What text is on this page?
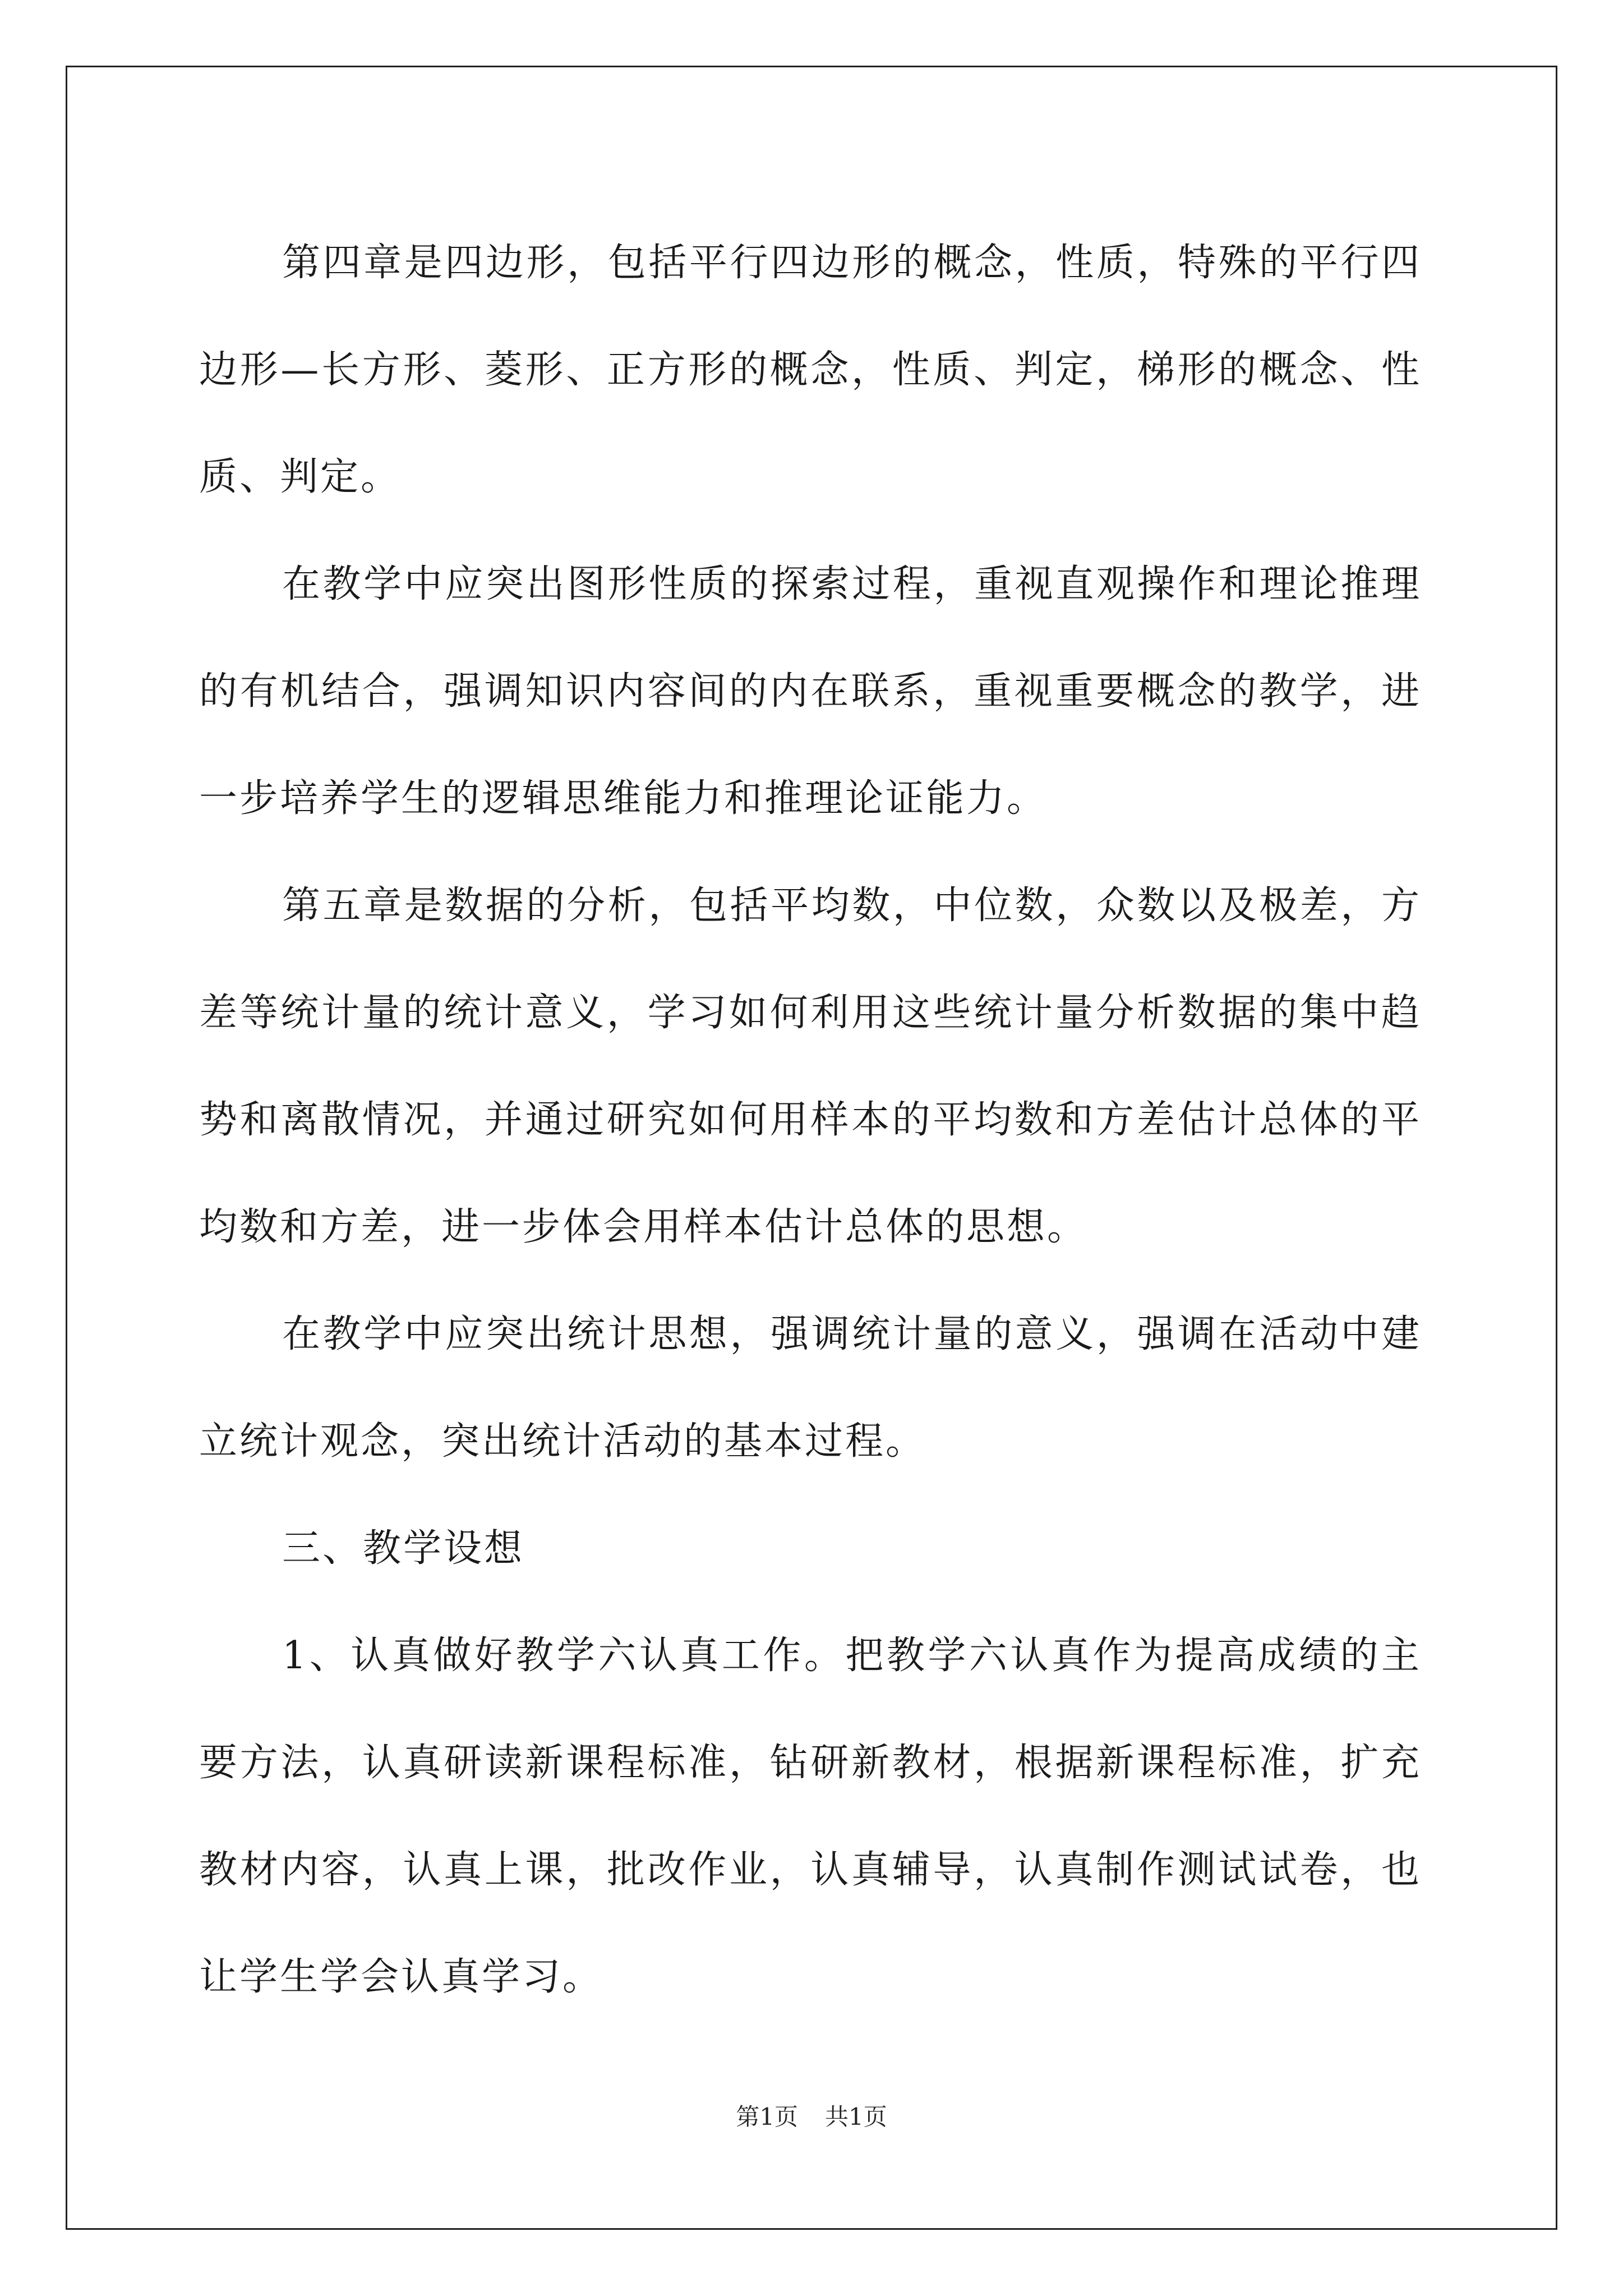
第四章是四边形，包括平行四边形的概念，性质，特殊的平行四边形—长方形、菱形、正方形的概念，性质、判定，梯形的概念、性质、判定。

在教学中应突出图形性质的探索过程，重视直观操作和理论推理的有机结合，强调知识内容间的内在联系，重视重要概念的教学，进一步培养学生的逻辑思维能力和推理论证能力。

第五章是数据的分析，包括平均数，中位数，众数以及极差，方差等统计量的统计意义，学习如何利用这些统计量分析数据的集中趋势和离散情况，并通过研究如何用样本的平均数和方差估计总体的平均数和方差，进一步体会用样本估计总体的思想。

在教学中应突出统计思想，强调统计量的意义，强调在活动中建立统计观念，突出统计活动的基本过程。

三、教学设想

1、认真做好教学六认真工作。把教学六认真作为提高成绩的主要方法，认真研读新课程标准，钻研新教材，根据新课程标准，扩充教材内容，认真上课，批改作业，认真辅导，认真制作测试试卷，也让学生学会认真学习。

第1页 共1页
